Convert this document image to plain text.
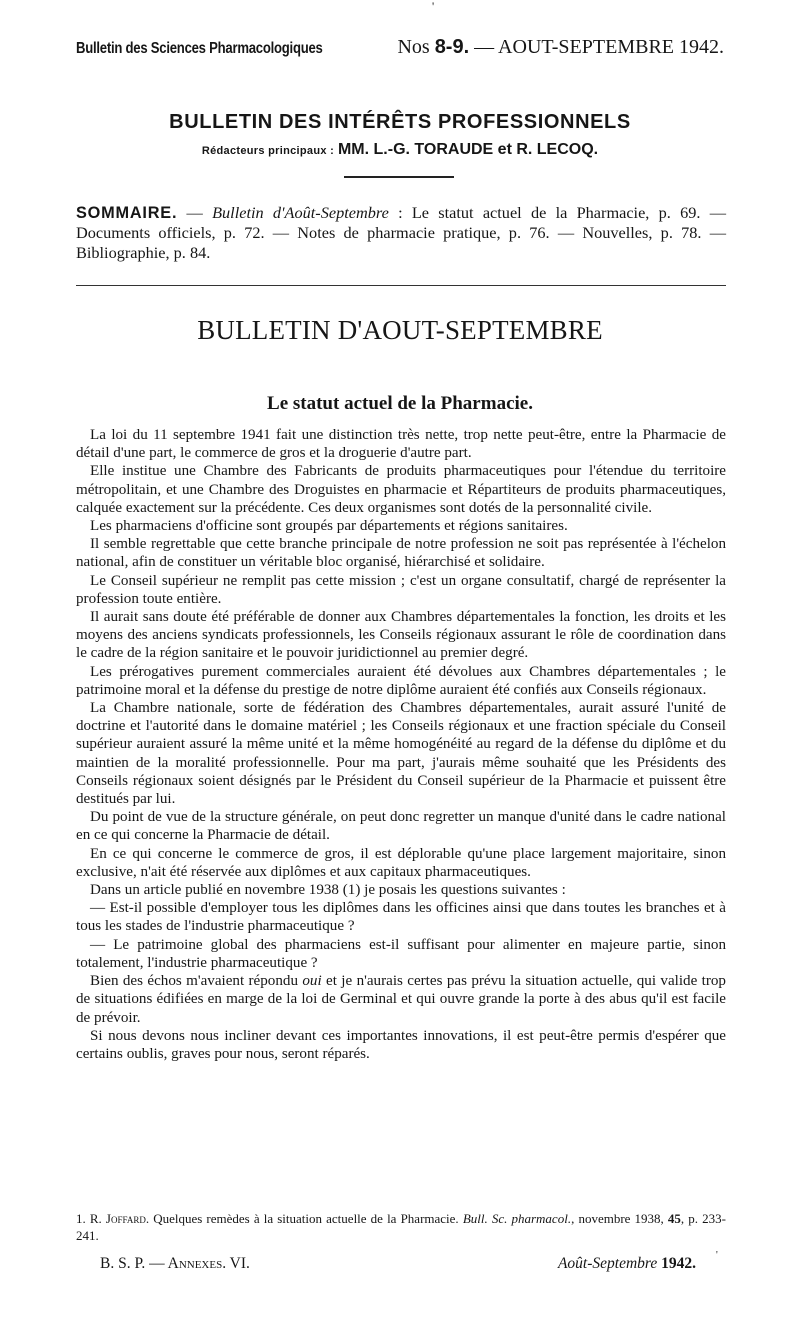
'
Bulletin des Sciences Pharmacologiques	Nos 8-9. — AOUT-SEPTEMBRE 1942.
BULLETIN DES INTÉRÊTS PROFESSIONNELS
Rédacteurs principaux : MM. L.-G. TORAUDE et R. LECOQ.
SOMMAIRE. — Bulletin d'Août-Septembre : Le statut actuel de la Pharmacie, p. 69. — Documents officiels, p. 72. — Notes de pharmacie pratique, p. 76. — Nouvelles, p. 78. — Bibliographie, p. 84.
BULLETIN D'AOUT-SEPTEMBRE
Le statut actuel de la Pharmacie.

La loi du 11 septembre 1941 fait une distinction très nette, trop nette peut-être, entre la Pharmacie de détail d'une part, le commerce de gros et la droguerie d'autre part.

Elle institue une Chambre des Fabricants de produits pharmaceutiques pour l'étendue du territoire métropolitain, et une Chambre des Droguistes en pharmacie et Répartiteurs de produits pharmaceutiques, calquée exactement sur la précédente. Ces deux organismes sont dotés de la personnalité civile.

Les pharmaciens d'officine sont groupés par départements et régions sanitaires.

Il semble regrettable que cette branche principale de notre profession ne soit pas représentée à l'échelon national, afin de constituer un véritable bloc organisé, hiérarchisé et solidaire.

Le Conseil supérieur ne remplit pas cette mission ; c'est un organe consultatif, chargé de représenter la profession toute entière.

Il aurait sans doute été préférable de donner aux Chambres départementales la fonction, les droits et les moyens des anciens syndicats professionnels, les Conseils régionaux assurant le rôle de coordination dans le cadre de la région sanitaire et le pouvoir juridictionnel au premier degré.

Les prérogatives purement commerciales auraient été dévolues aux Chambres départementales ; le patrimoine moral et la défense du prestige de notre diplôme auraient été confiés aux Conseils régionaux.

La Chambre nationale, sorte de fédération des Chambres départementales, aurait assuré l'unité de doctrine et l'autorité dans le domaine matériel ; les Conseils régionaux et une fraction spéciale du Conseil supérieur auraient assuré la même unité et la même homogénéité au regard de la défense du diplôme et du maintien de la moralité professionnelle. Pour ma part, j'aurais même souhaité que les Présidents des Conseils régionaux soient désignés par le Président du Conseil supérieur de la Pharmacie et puissent être destitués par lui.

Du point de vue de la structure générale, on peut donc regretter un manque d'unité dans le cadre national en ce qui concerne la Pharmacie de détail.

En ce qui concerne le commerce de gros, il est déplorable qu'une place largement majoritaire, sinon exclusive, n'ait été réservée aux diplômes et aux capitaux pharmaceutiques.

Dans un article publié en novembre 1938 (1) je posais les questions suivantes :

— Est-il possible d'employer tous les diplômes dans les officines ainsi que dans toutes les branches et à tous les stades de l'industrie pharmaceutique ?

— Le patrimoine global des pharmaciens est-il suffisant pour alimenter en majeure partie, sinon totalement, l'industrie pharmaceutique ?

Bien des échos m'avaient répondu oui et je n'aurais certes pas prévu la situation actuelle, qui valide trop de situations édifiées en marge de la loi de Germinal et qui ouvre grande la porte à des abus qu'il est facile de prévoir.

Si nous devons nous incliner devant ces importantes innovations, il est peut-être permis d'espérer que certains oublis, graves pour nous, seront réparés.

1. R. Joffard. Quelques remèdes à la situation actuelle de la Pharmacie. Bull. Sc. pharmacol., novembre 1938, 45, p. 233-241.
B. S. P. — Annexes. VI.	Août-Septembre 1942. '
